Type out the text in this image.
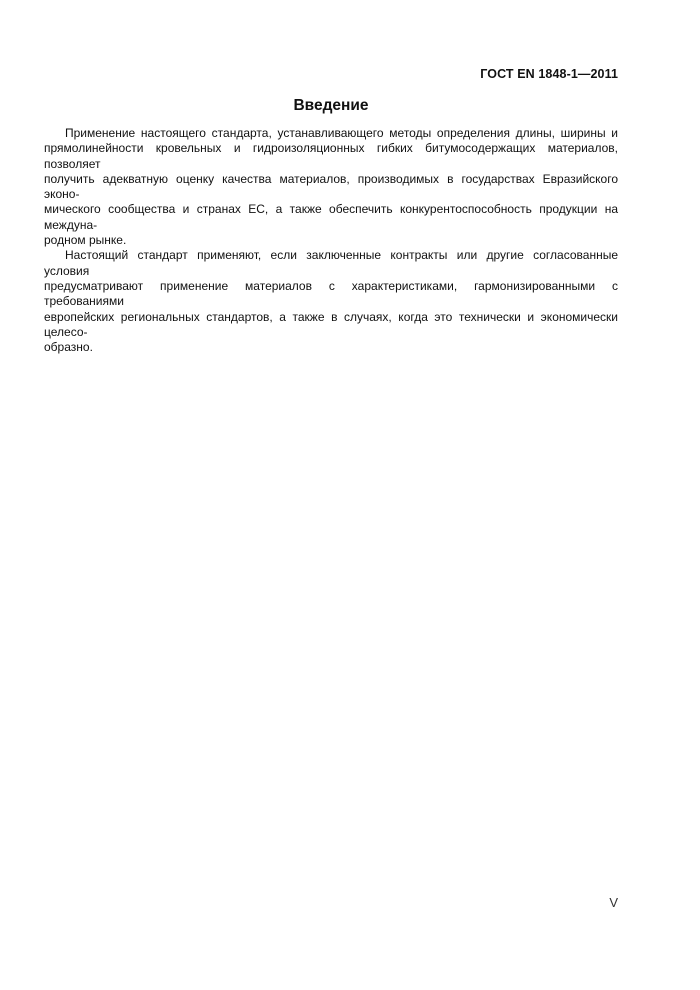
ГОСТ EN 1848-1—2011
Введение
Применение настоящего стандарта, устанавливающего методы определения длины, ширины и
прямолинейности кровельных и гидроизоляционных гибких битумосодержащих материалов, позволяет
получить адекватную оценку качества материалов, производимых в государствах Евразийского эконо-
мического сообщества и странах ЕС, а также обеспечить конкурентоспособность продукции на междуна-
родном рынке.
Настоящий стандарт применяют, если заключенные контракты или другие согласованные условия
предусматривают применение материалов с характеристиками, гармонизированными с требованиями
европейских региональных стандартов, а также в случаях, когда это технически и экономически целесо-
образно.
V
